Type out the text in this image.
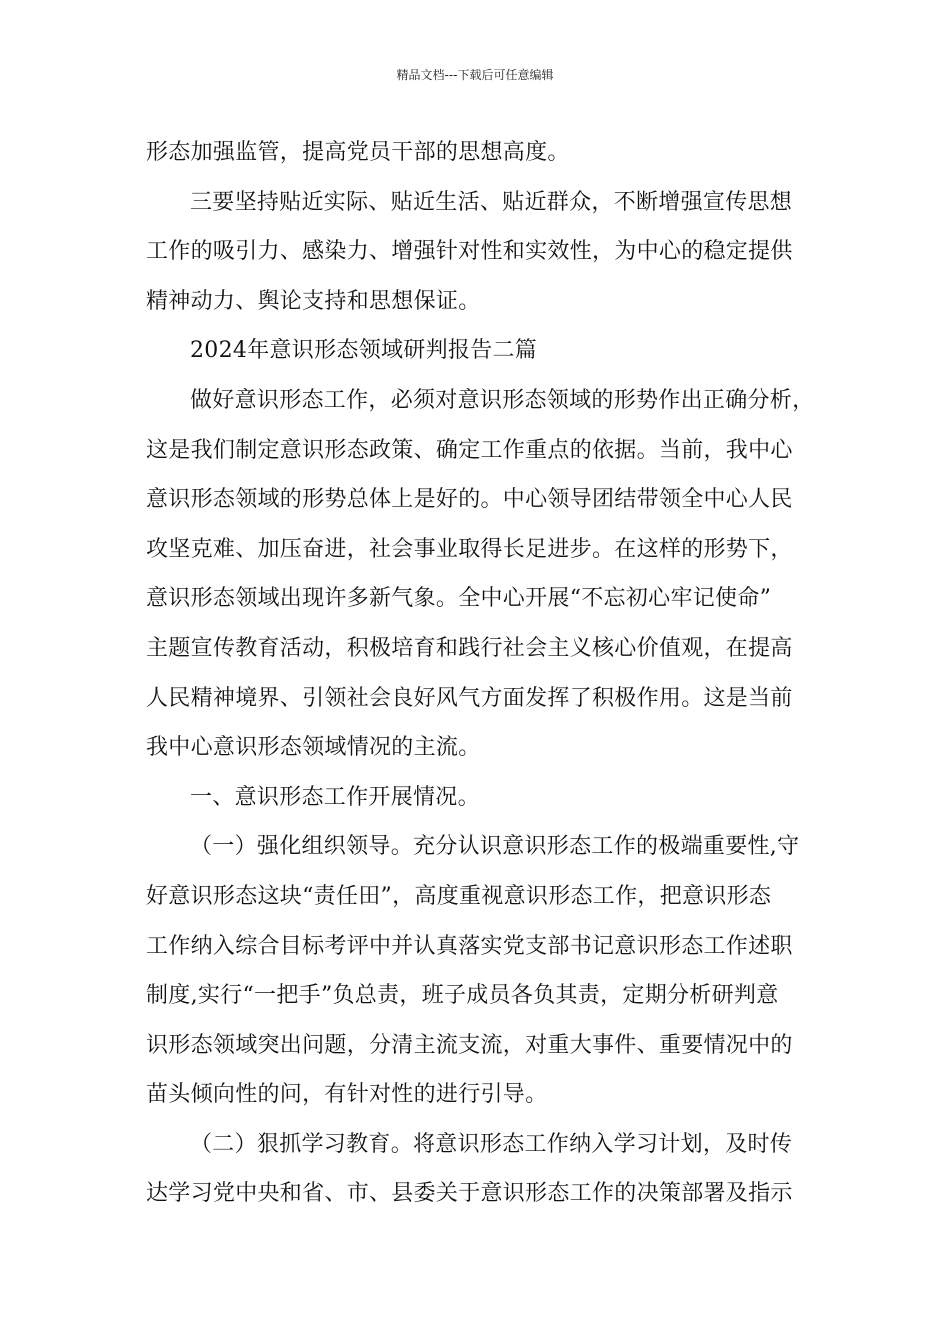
精品文档---下载后可任意编辑
形态加强监管，提高党员干部的思想高度。
三要坚持贴近实际、贴近生活、贴近群众，不断增强宣传思想
工作的吸引力、感染力、增强针对性和实效性，为中心的稳定提供
精神动力、舆论支持和思想保证。
2024年意识形态领域研判报告二篇
做好意识形态工作，必须对意识形态领域的形势作出正确分析，
这是我们制定意识形态政策、确定工作重点的依据。当前，我中心
意识形态领域的形势总体上是好的。中心领导团结带领全中心人民
攻坚克难、加压奋进，社会事业取得长足进步。在这样的形势下，
意识形态领域出现许多新气象。全中心开展“不忘初心牢记使命”
主题宣传教育活动，积极培育和践行社会主义核心价值观，在提高
人民精神境界、引领社会良好风气方面发挥了积极作用。这是当前
我中心意识形态领域情况的主流。
一、意识形态工作开展情况。
（一）强化组织领导。充分认识意识形态工作的极端重要性,守
好意识形态这块“责任田”，高度重视意识形态工作，把意识形态
工作纳入综合目标考评中并认真落实党支部书记意识形态工作述职
制度,实行“一把手”负总责，班子成员各负其责，定期分析研判意
识形态领域突出问题，分清主流支流，对重大事件、重要情况中的
苗头倾向性的问，有针对性的进行引导。
（二）狠抓学习教育。将意识形态工作纳入学习计划，及时传
达学习党中央和省、市、县委关于意识形态工作的决策部署及指示
